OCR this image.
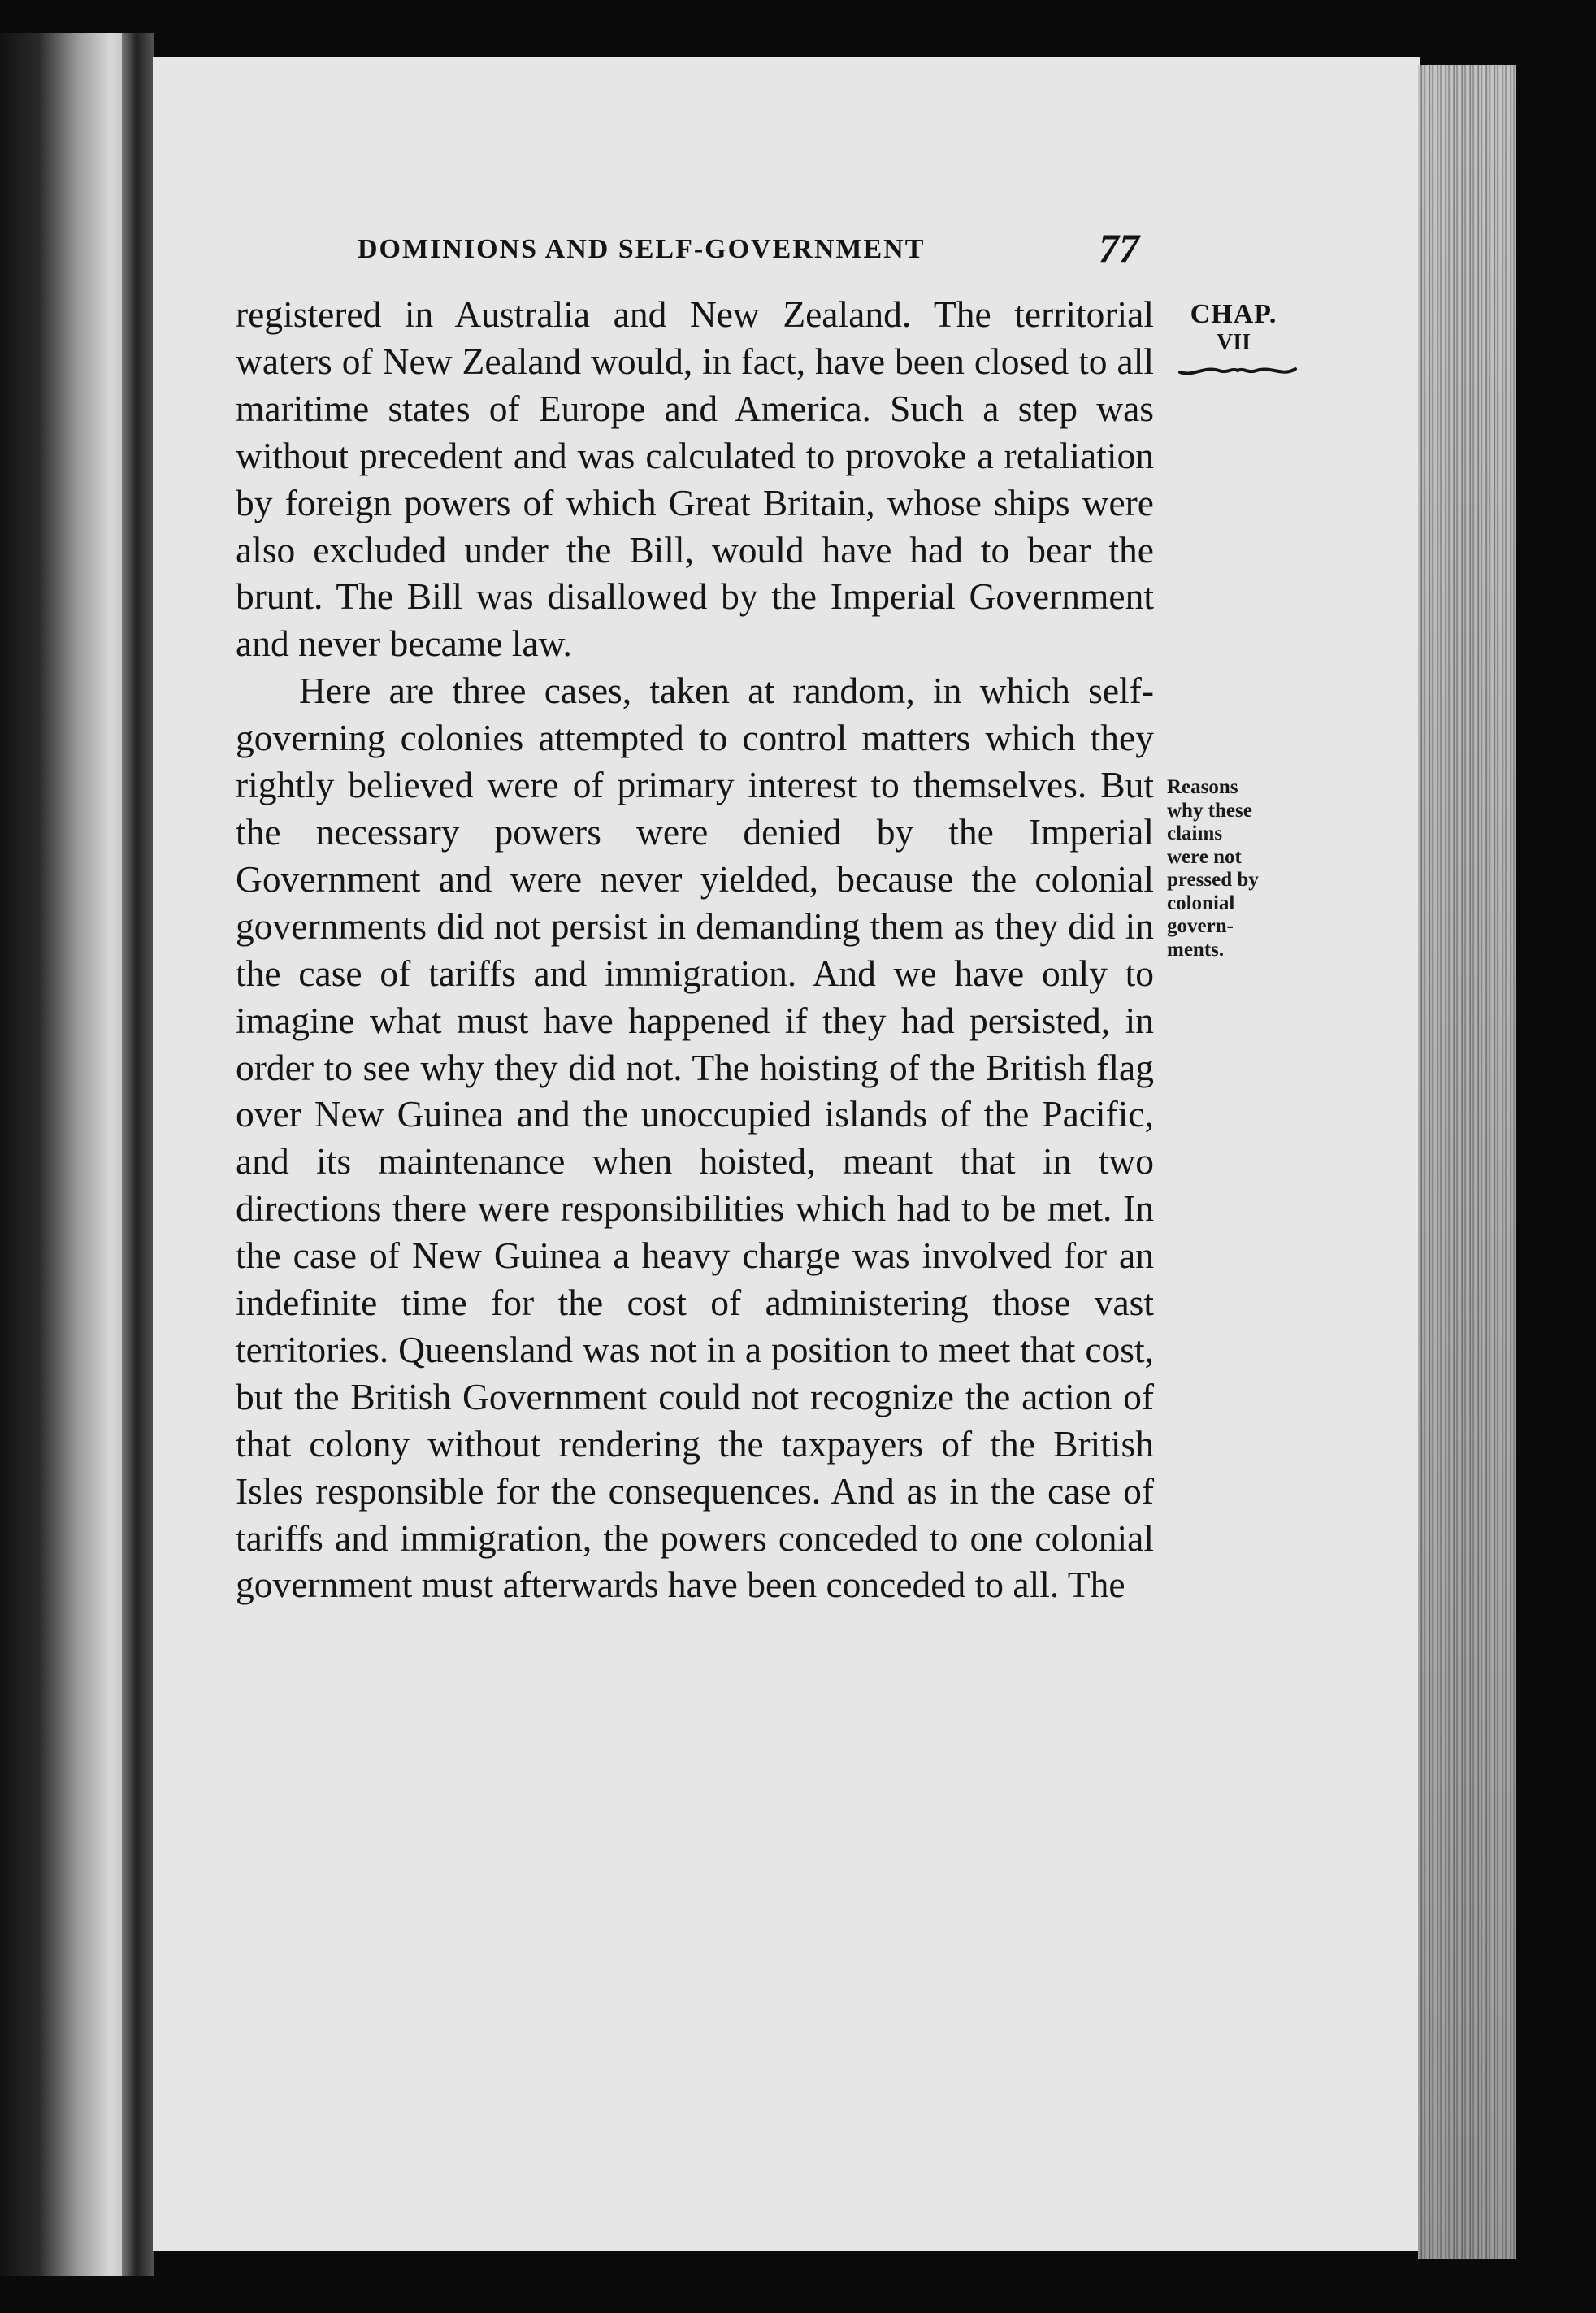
DOMINIONS AND SELF-GOVERNMENT	77
CHAP.
VII
Reasons
why these
claims
were not
pressed by
colonial
govern-
ments.

registered in Australia and New Zealand. The territorial waters of New Zealand would, in fact, have been closed to all maritime states of Europe and America. Such a step was without precedent and was calculated to provoke a retaliation by foreign powers of which Great Britain, whose ships were also excluded under the Bill, would have had to bear the brunt. The Bill was disallowed by the Imperial Government and never became law.

Here are three cases, taken at random, in which self-governing colonies attempted to control matters which they rightly believed were of primary interest to themselves. But the necessary powers were denied by the Imperial Government and were never yielded, because the colonial governments did not persist in demanding them as they did in the case of tariffs and immigration. And we have only to imagine what must have happened if they had persisted, in order to see why they did not. The hoisting of the British flag over New Guinea and the unoccupied islands of the Pacific, and its maintenance when hoisted, meant that in two directions there were responsibilities which had to be met. In the case of New Guinea a heavy charge was involved for an indefinite time for the cost of administering those vast territories. Queensland was not in a position to meet that cost, but the British Government could not recognize the action of that colony without rendering the taxpayers of the British Isles responsible for the consequences. And as in the case of tariffs and immigration, the powers conceded to one colonial government must afterwards have been conceded to all. The
